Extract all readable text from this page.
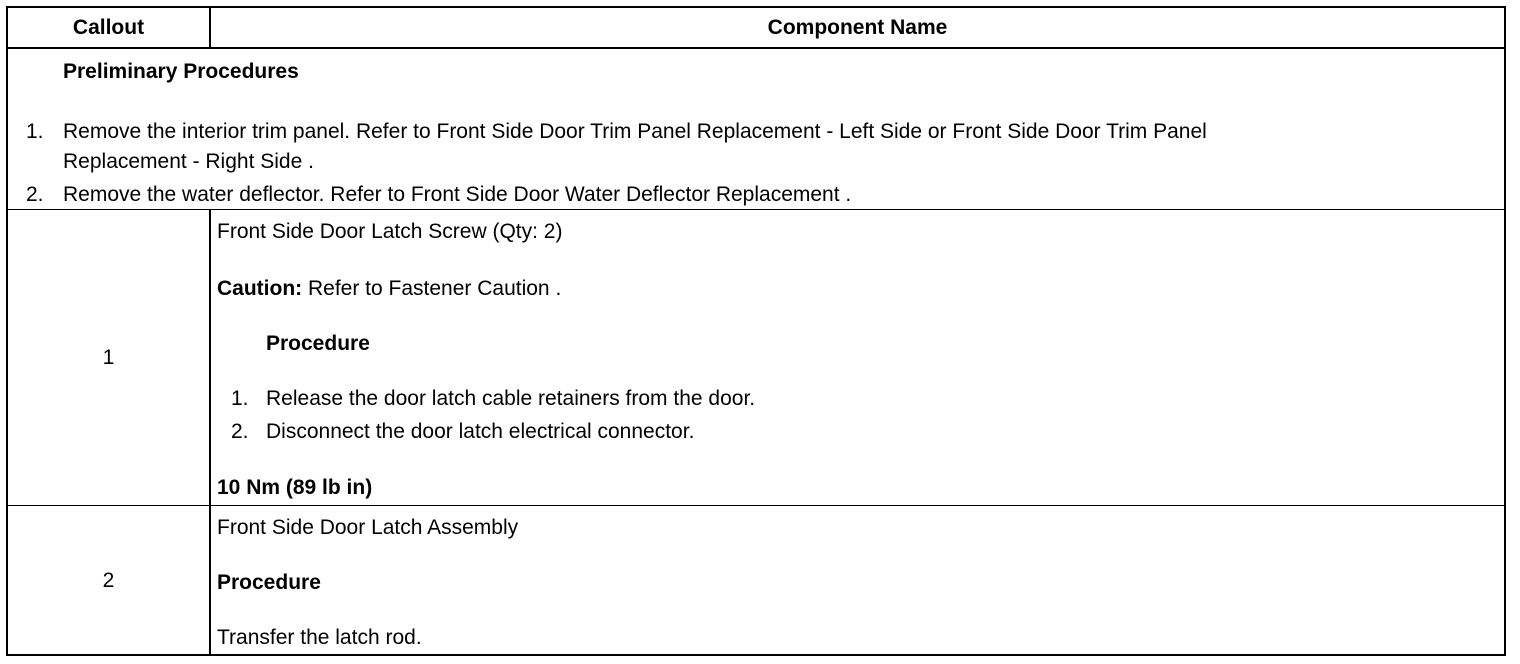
Callout	Component Name
Preliminary Procedures
1. Remove the interior trim panel. Refer to Front Side Door Trim Panel Replacement - Left Side or Front Side Door Trim Panel
Replacement - Right Side .
2. Remove the water deflector. Refer to Front Side Door Water Deflector Replacement .
1
Front Side Door Latch Screw (Qty: 2)
Caution: Refer to Fastener Caution .
Procedure
1. Release the door latch cable retainers from the door.
2. Disconnect the door latch electrical connector.
10 Nm (89 lb in)
2
Front Side Door Latch Assembly
Procedure
Transfer the latch rod.
